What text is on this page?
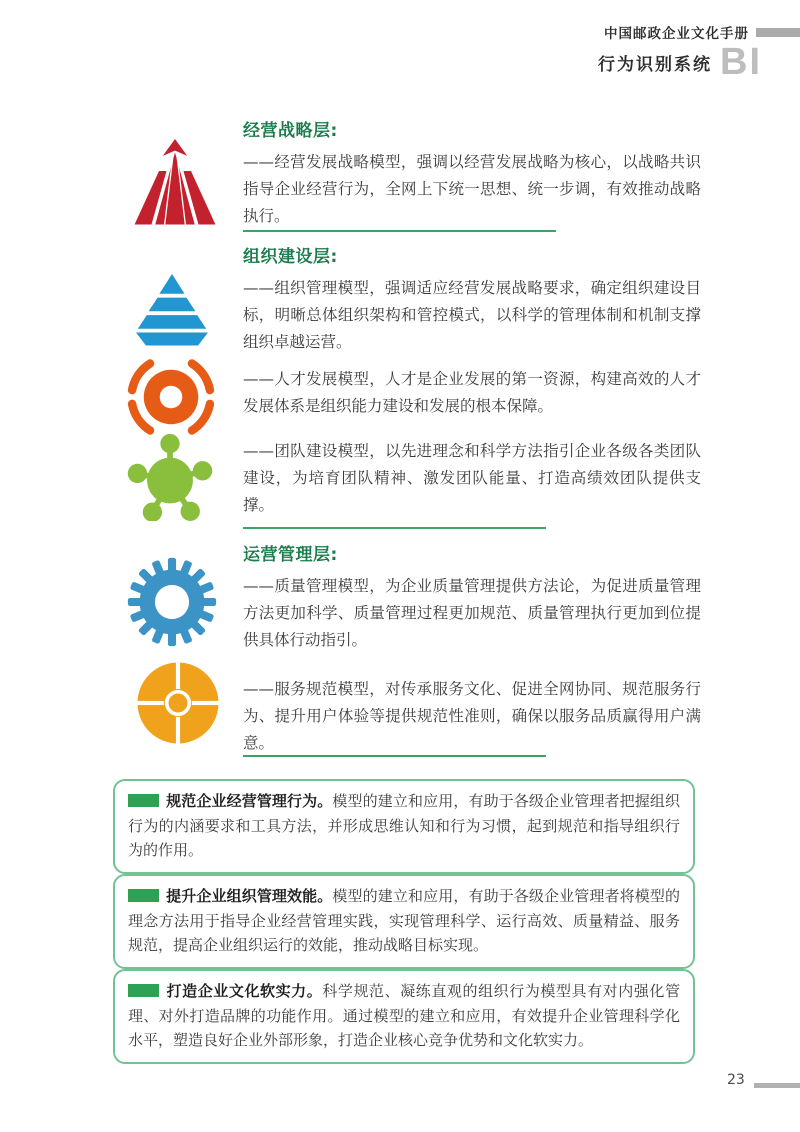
中国邮政企业文化手册
行为识别系统 BI
经营战略层:

——经营发展战略模型，强调以经营发展战略为核心，以战略共识指导企业经营行为，全网上下统一思想、统一步调，有效推动战略执行。

组织建设层:

——组织管理模型，强调适应经营发展战略要求，确定组织建设目标，明晰总体组织架构和管控模式，以科学的管理体制和机制支撑组织卓越运营。

——人才发展模型，人才是企业发展的第一资源，构建高效的人才发展体系是组织能力建设和发展的根本保障。

——团队建设模型，以先进理念和科学方法指引企业各级各类团队建设，为培育团队精神、激发团队能量、打造高绩效团队提供支撑。

运营管理层:

——质量管理模型，为企业质量管理提供方法论，为促进质量管理方法更加科学、质量管理过程更加规范、质量管理执行更加到位提供具体行动指引。

——服务规范模型，对传承服务文化、促进全网协同、规范服务行为、提升用户体验等提供规范性准则，确保以服务品质赢得用户满意。

规范企业经营管理行为。模型的建立和应用，有助于各级企业管理者把握组织行为的内涵要求和工具方法，并形成思维认知和行为习惯，起到规范和指导组织行为的作用。

提升企业组织管理效能。模型的建立和应用，有助于各级企业管理者将模型的理念方法用于指导企业经营管理实践，实现管理科学、运行高效、质量精益、服务规范，提高企业组织运行的效能，推动战略目标实现。

打造企业文化软实力。科学规范、凝练直观的组织行为模型具有对内强化管理、对外打造品牌的功能作用。通过模型的建立和应用，有效提升企业管理科学化水平，塑造良好企业外部形象，打造企业核心竞争优势和文化软实力。

23
